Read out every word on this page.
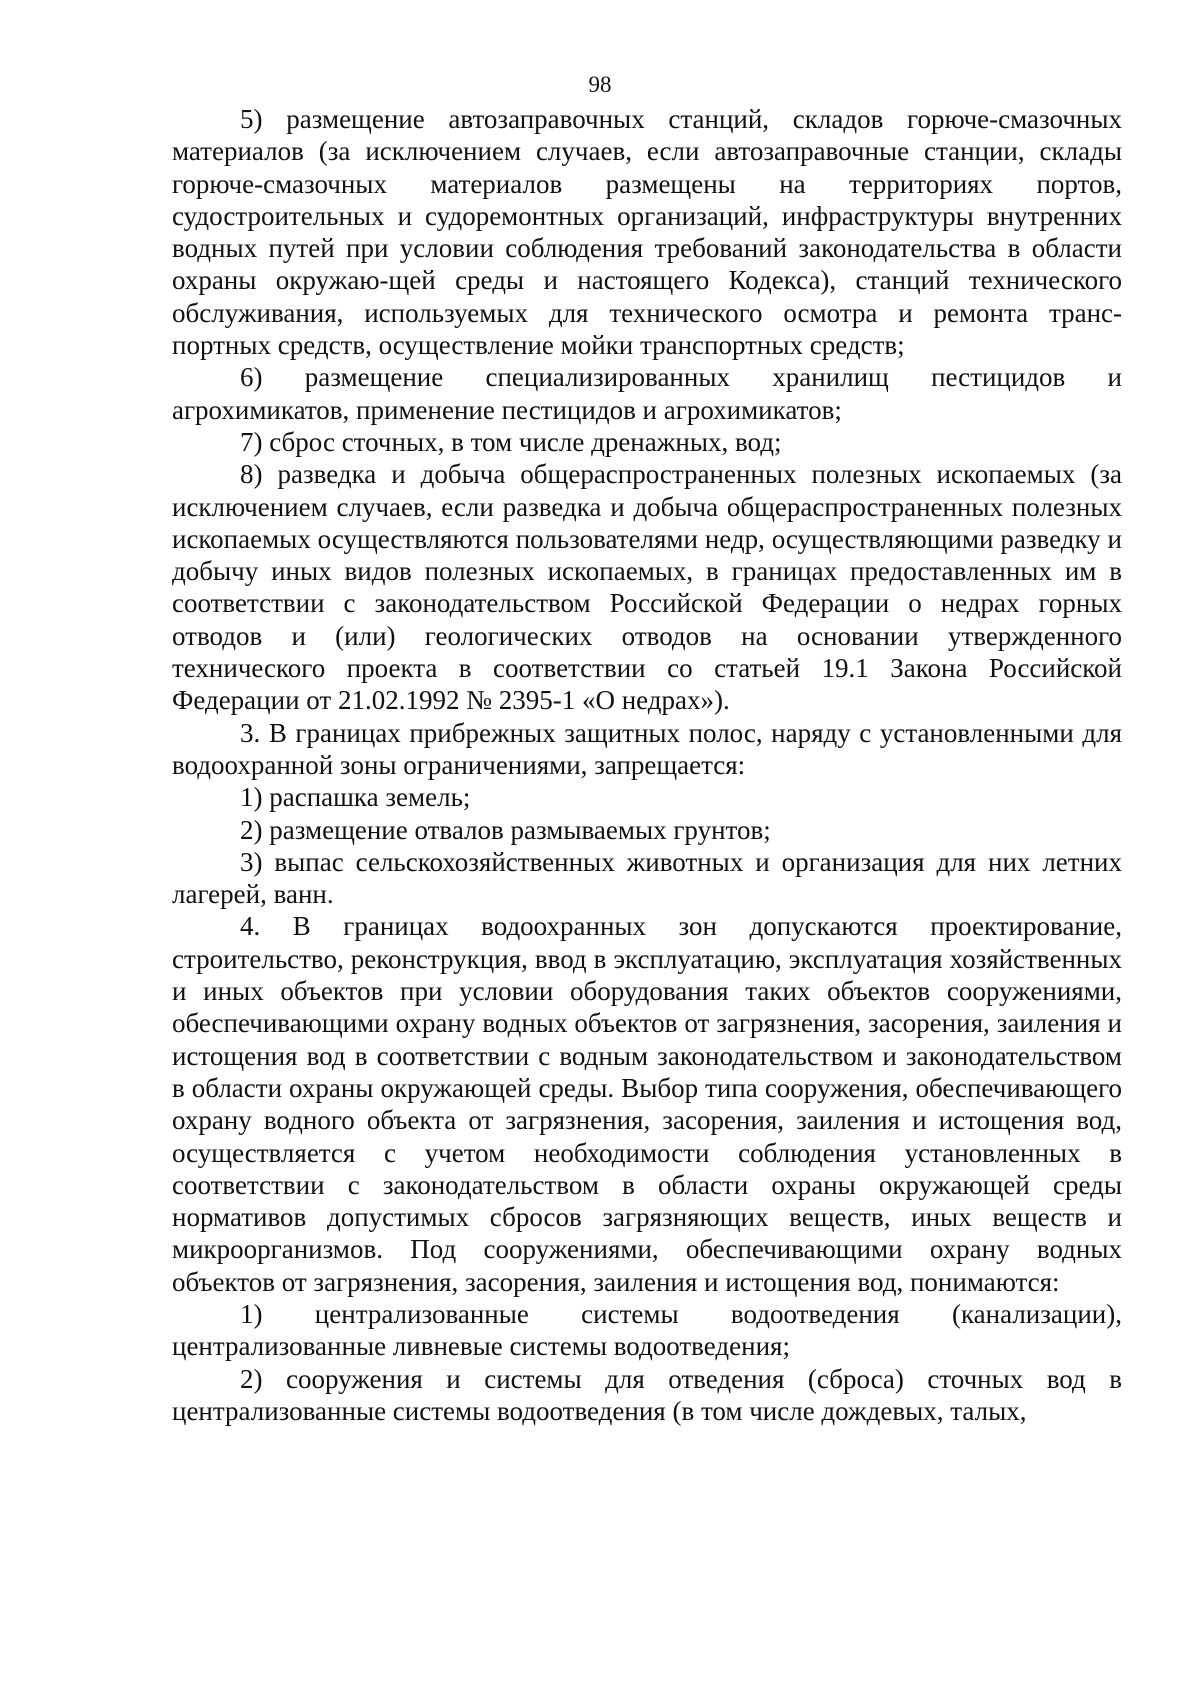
98

5) размещение автозаправочных станций, складов горюче-смазочных материалов (за исключением случаев, если автозаправочные станции, склады горюче-смазочных материалов размещены на территориях портов, судостроительных и судоремонтных организаций, инфраструктуры внутренних водных путей при условии соблюдения требований законодательства в области охраны окружаю-щей среды и настоящего Кодекса), станций технического обслуживания, используемых для технического осмотра и ремонта транс-портных средств, осуществление мойки транспортных средств;

6) размещение специализированных хранилищ пестицидов и агрохимикатов, применение пестицидов и агрохимикатов;

7) сброс сточных, в том числе дренажных, вод;

8) разведка и добыча общераспространенных полезных ископаемых (за исключением случаев, если разведка и добыча общераспространенных полезных ископаемых осуществляются пользователями недр, осуществляющими разведку и добычу иных видов полезных ископаемых, в границах предоставленных им в соответствии с законодательством Российской Федерации о недрах горных отводов и (или) геологических отводов на основании утвержденного технического проекта в соответствии со статьей 19.1 Закона Российской Федерации от 21.02.1992 № 2395-1 «О недрах»).

3. В границах прибрежных защитных полос, наряду с установленными для водоохранной зоны ограничениями, запрещается:

1) распашка земель;

2) размещение отвалов размываемых грунтов;

3) выпас сельскохозяйственных животных и организация для них летних лагерей, ванн.

4. В границах водоохранных зон допускаются проектирование, строительство, реконструкция, ввод в эксплуатацию, эксплуатация хозяйственных и иных объектов при условии оборудования таких объектов сооружениями, обеспечивающими охрану водных объектов от загрязнения, засорения, заиления и истощения вод в соответствии с водным законодательством и законодательством в области охраны окружающей среды. Выбор типа сооружения, обеспечивающего охрану водного объекта от загрязнения, засорения, заиления и истощения вод, осуществляется с учетом необходимости соблюдения установленных в соответствии с законодательством в области охраны окружающей среды нормативов допустимых сбросов загрязняющих веществ, иных веществ и микроорганизмов. Под сооружениями, обеспечивающими охрану водных объектов от загрязнения, засорения, заиления и истощения вод, понимаются:

1) централизованные системы водоотведения (канализации), централизованные ливневые системы водоотведения;

2) сооружения и системы для отведения (сброса) сточных вод в централизованные системы водоотведения (в том числе дождевых, талых,
